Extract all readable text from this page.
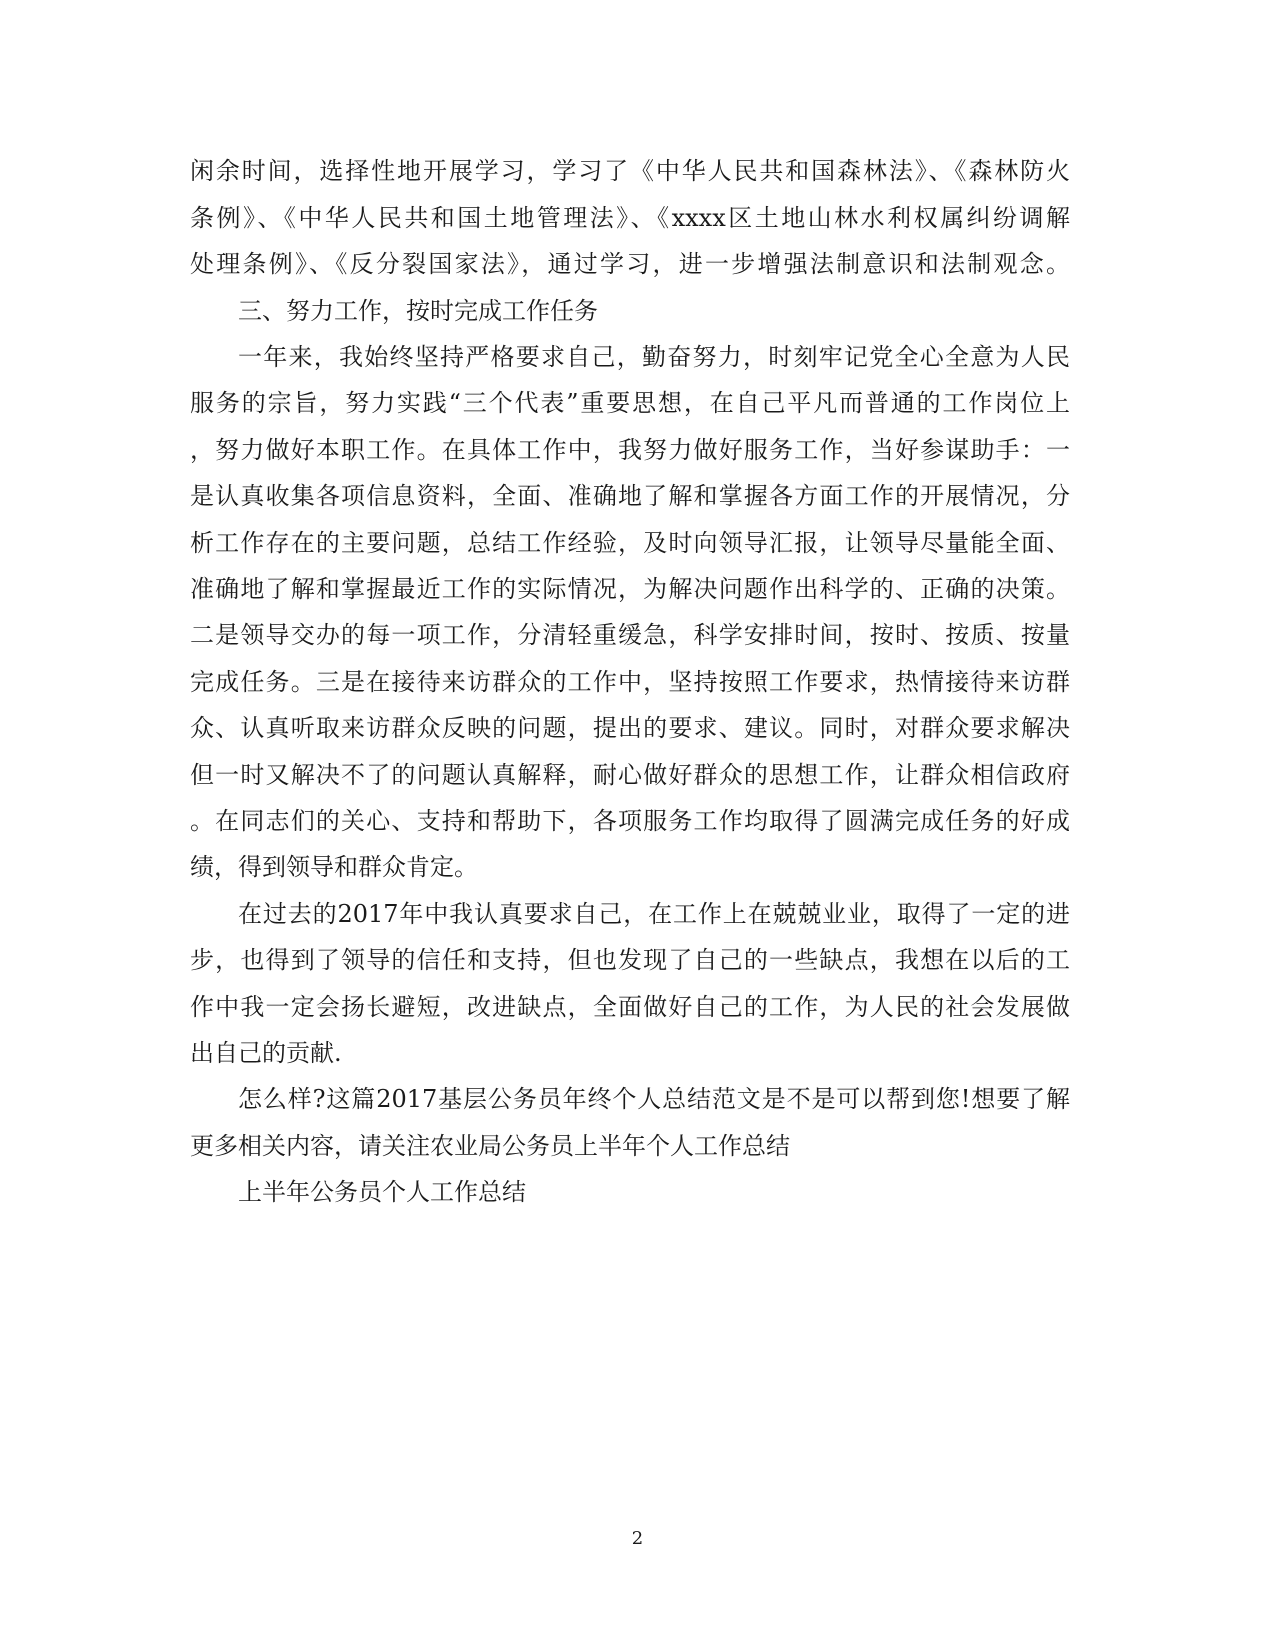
闲余时间，选择性地开展学习，学习了《中华人民共和国森林法》、《森林防火
条例》、《中华人民共和国土地管理法》、《xxxx区土地山林水利权属纠纷调解
处理条例》、《反分裂国家法》，通过学习，进一步增强法制意识和法制观念。
三、努力工作，按时完成工作任务
一年来，我始终坚持严格要求自己，勤奋努力，时刻牢记党全心全意为人民
服务的宗旨，努力实践“三个代表”重要思想，在自己平凡而普通的工作岗位上
，努力做好本职工作。在具体工作中，我努力做好服务工作，当好参谋助手：一
是认真收集各项信息资料，全面、准确地了解和掌握各方面工作的开展情况，分
析工作存在的主要问题，总结工作经验，及时向领导汇报，让领导尽量能全面、
准确地了解和掌握最近工作的实际情况，为解决问题作出科学的、正确的决策。
二是领导交办的每一项工作，分清轻重缓急，科学安排时间，按时、按质、按量
完成任务。三是在接待来访群众的工作中，坚持按照工作要求，热情接待来访群
众、认真听取来访群众反映的问题，提出的要求、建议。同时，对群众要求解决
但一时又解决不了的问题认真解释，耐心做好群众的思想工作，让群众相信政府
。在同志们的关心、支持和帮助下，各项服务工作均取得了圆满完成任务的好成
绩，得到领导和群众肯定。
在过去的2017年中我认真要求自己，在工作上在兢兢业业，取得了一定的进
步，也得到了领导的信任和支持，但也发现了自己的一些缺点，我想在以后的工
作中我一定会扬长避短，改进缺点，全面做好自己的工作，为人民的社会发展做
出自己的贡献.
怎么样?这篇2017基层公务员年终个人总结范文是不是可以帮到您!想要了解
更多相关内容，请关注农业局公务员上半年个人工作总结
上半年公务员个人工作总结
2
